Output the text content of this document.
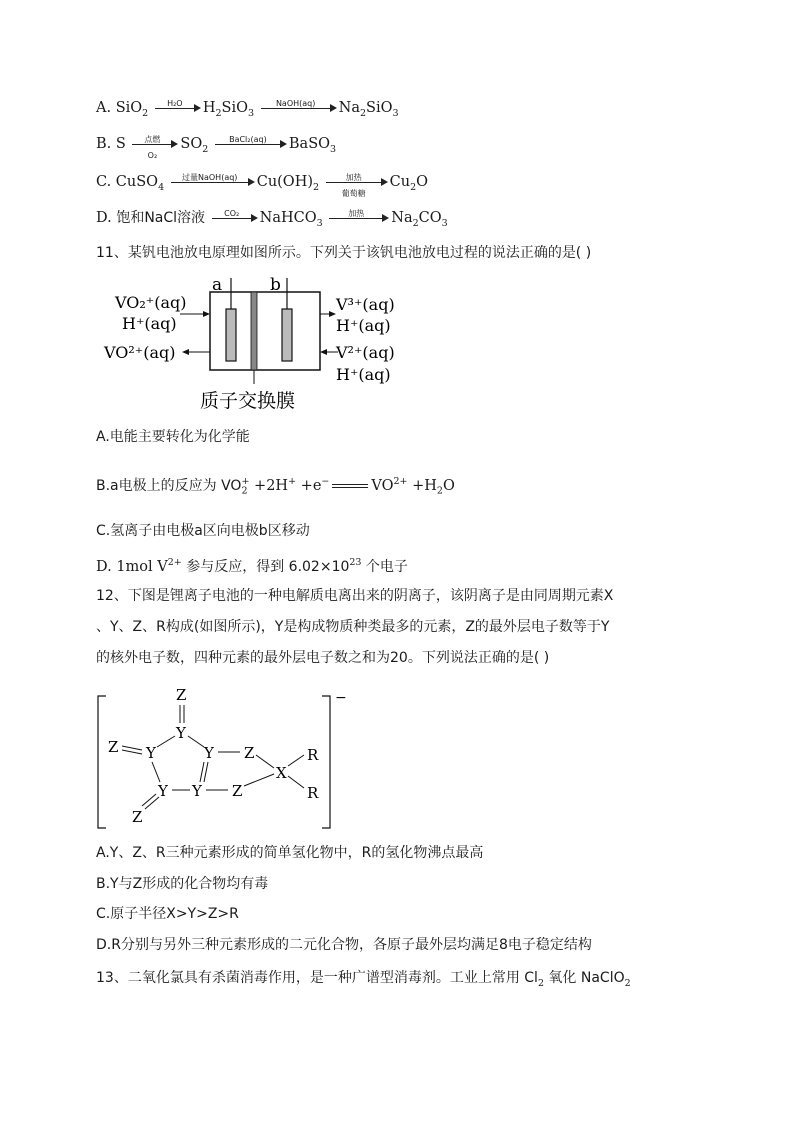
A. SiO$_2$
H₂O	$H_2SiO_3$
NaOH(aq)	$Na_2SiO_3$
B. S	点燃
O₂
$SO_2$
BaCl₂(aq)	BaSO$_3$
C. CuSO$_4$
过量NaOH(aq)	$Cu(OH)_2$
加热
葡萄糖
$Cu_2O$
D. 饱和NaCl溶液	CO₂	NaHCO$_3$
加热	$Na_2CO_3$
11、某钒电池放电原理如图所示。下列关于该钒电池放电过程的说法正确的是( )
a	b
VO₂⁺(aq)
H⁺(aq)
VO²⁺(aq)
V³⁺(aq)
H⁺(aq)
V²⁺(aq)
H⁺(aq)
质子交换膜
A.电能主要转化为化学能
B.a电极上的反应为 $VO_2^+ +2H^+ +e^-$	$VO^{2+} +H_2O$
C.氢离子由电极a区向电极b区移动
D. 1mol $V^{2+}$ 参与反应，得到 $6.02\times 10^{23}$ 个电子
12、下图是锂离子电池的一种电解质电离出来的阴离子，该阴离子是由同周期元素X
、Y、Z、R构成(如图所示)，Y是构成物质种类最多的元素，Z的最外层电子数等于Y
的核外电子数，四种元素的最外层电子数之和为20。下列说法正确的是( )
−
Z
Y
Z Y	Y Z
X
R
R
Y Y Z
Z
A.Y、Z、R三种元素形成的简单氢化物中，R的氢化物沸点最高
B.Y与Z形成的化合物均有毒
C.原子半径X>Y>Z>R
D.R分别与另外三种元素形成的二元化合物，各原子最外层均满足8电子稳定结构
13、二氧化氯具有杀菌消毒作用，是一种广谱型消毒剂。工业上常用 $Cl_2$ 氧化 NaClO$_2$
